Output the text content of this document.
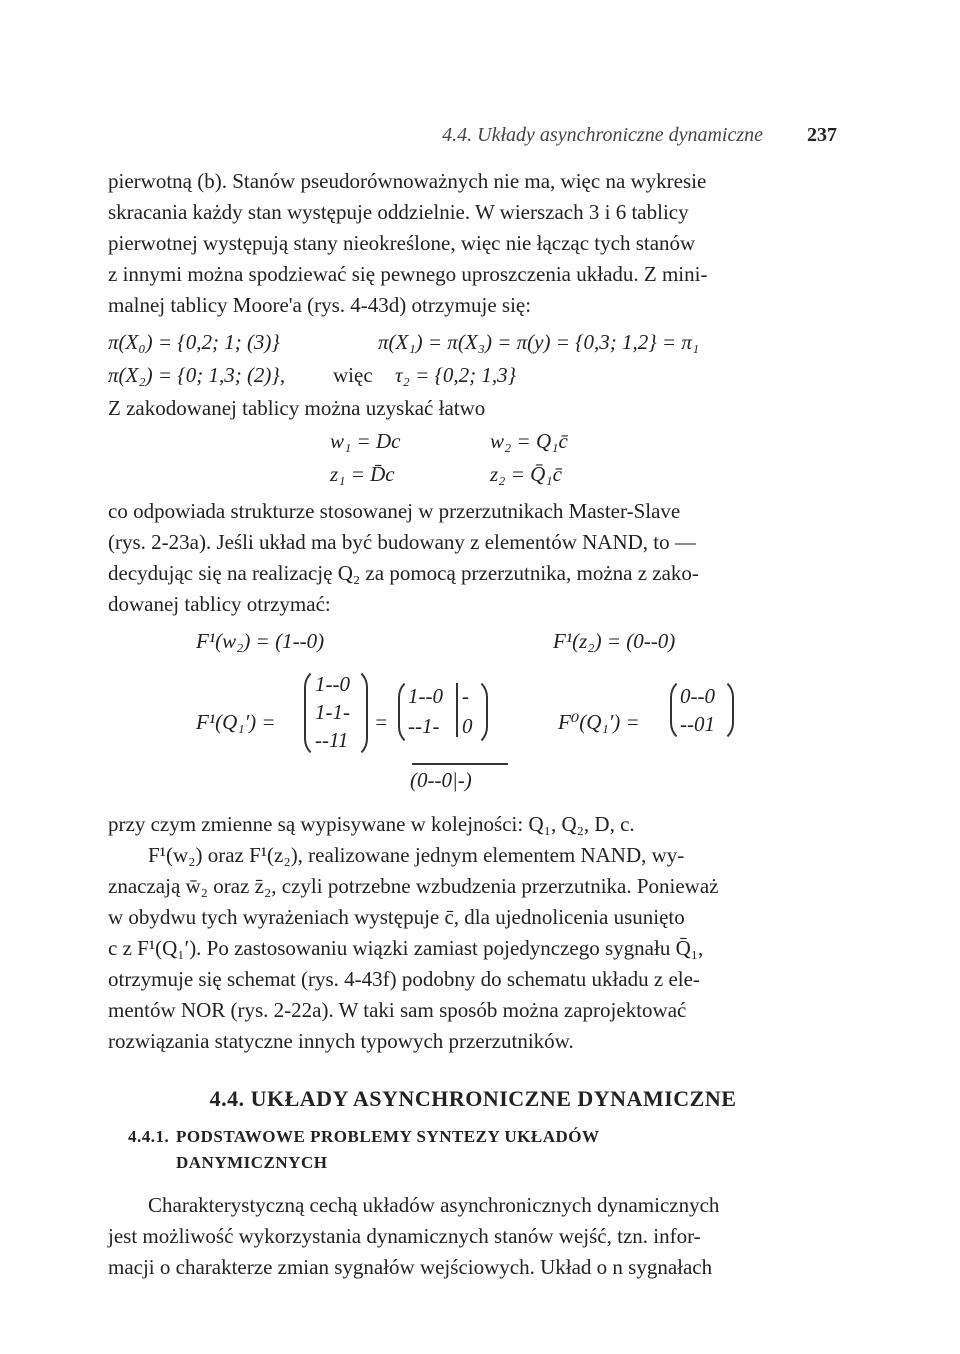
4.4. Układy asynchroniczne dynamiczne 237

pierwotną (b). Stanów pseudorównoważnych nie ma, więc na wykresie
skracania każdy stan występuje oddzielnie. W wierszach 3 i 6 tablicy
pierwotnej występują stany nieokreślone, więc nie łącząc tych stanów
z innymi można spodziewać się pewnego uproszczenia układu. Z mini-
malnej tablicy Moore'a (rys. 4-43d) otrzymuje się:

π(X₀) = {0,2; 1; (3)}	π(X₁) = π(X₃) = π(y) = {0,3; 1,2} = π₁
π(X₂) = {0; 1,3; (2)},	więc	τ₂ = {0,2; 1,3}

Z zakodowanej tablicy można uzyskać łatwo

w₁ = Dc	w₂ = Q₁c̄
z₁ = D̄c	z₂ = Q̄₁c̄

co odpowiada strukturze stosowanej w przerzutnikach Master-Slave
(rys. 2-23a). Jeśli układ ma być budowany z elementów NAND, to —
decydując się na realizację Q₂ za pomocą przerzutnika, można z zako-
dowanej tablicy otrzymać:

F¹(w₂) = (1--0)	F¹(z₂) = (0--0)
F¹(Q₁′) =
1--0
1-1-
--11
=
1--0
--1-
-
0	F⁰(Q₁′) =
0--0
--01
(0--0|-)

przy czym zmienne są wypisywane w kolejności: Q₁, Q₂, D, c.
F¹(w₂) oraz F¹(z₂), realizowane jednym elementem NAND, wy-
znaczają w̄₂ oraz z̄₂, czyli potrzebne wzbudzenia przerzutnika. Ponieważ
w obydwu tych wyrażeniach występuje c̄, dla ujednolicenia usunięto
c z F¹(Q₁′). Po zastosowaniu wiązki zamiast pojedynczego sygnału Q̄₁,
otrzymuje się schemat (rys. 4-43f) podobny do schematu układu z ele-
mentów NOR (rys. 2-22a). W taki sam sposób można zaprojektować
rozwiązania statyczne innych typowych przerzutników.

4.4. UKŁADY ASYNCHRONICZNE DYNAMICZNE
4.4.1. PODSTAWOWE PROBLEMY SYNTEZY UKŁADÓW
DANYMICZNYCH

Charakterystyczną cechą układów asynchronicznych dynamicznych
jest możliwość wykorzystania dynamicznych stanów wejść, tzn. infor-
macji o charakterze zmian sygnałów wejściowych. Układ o n sygnałach
